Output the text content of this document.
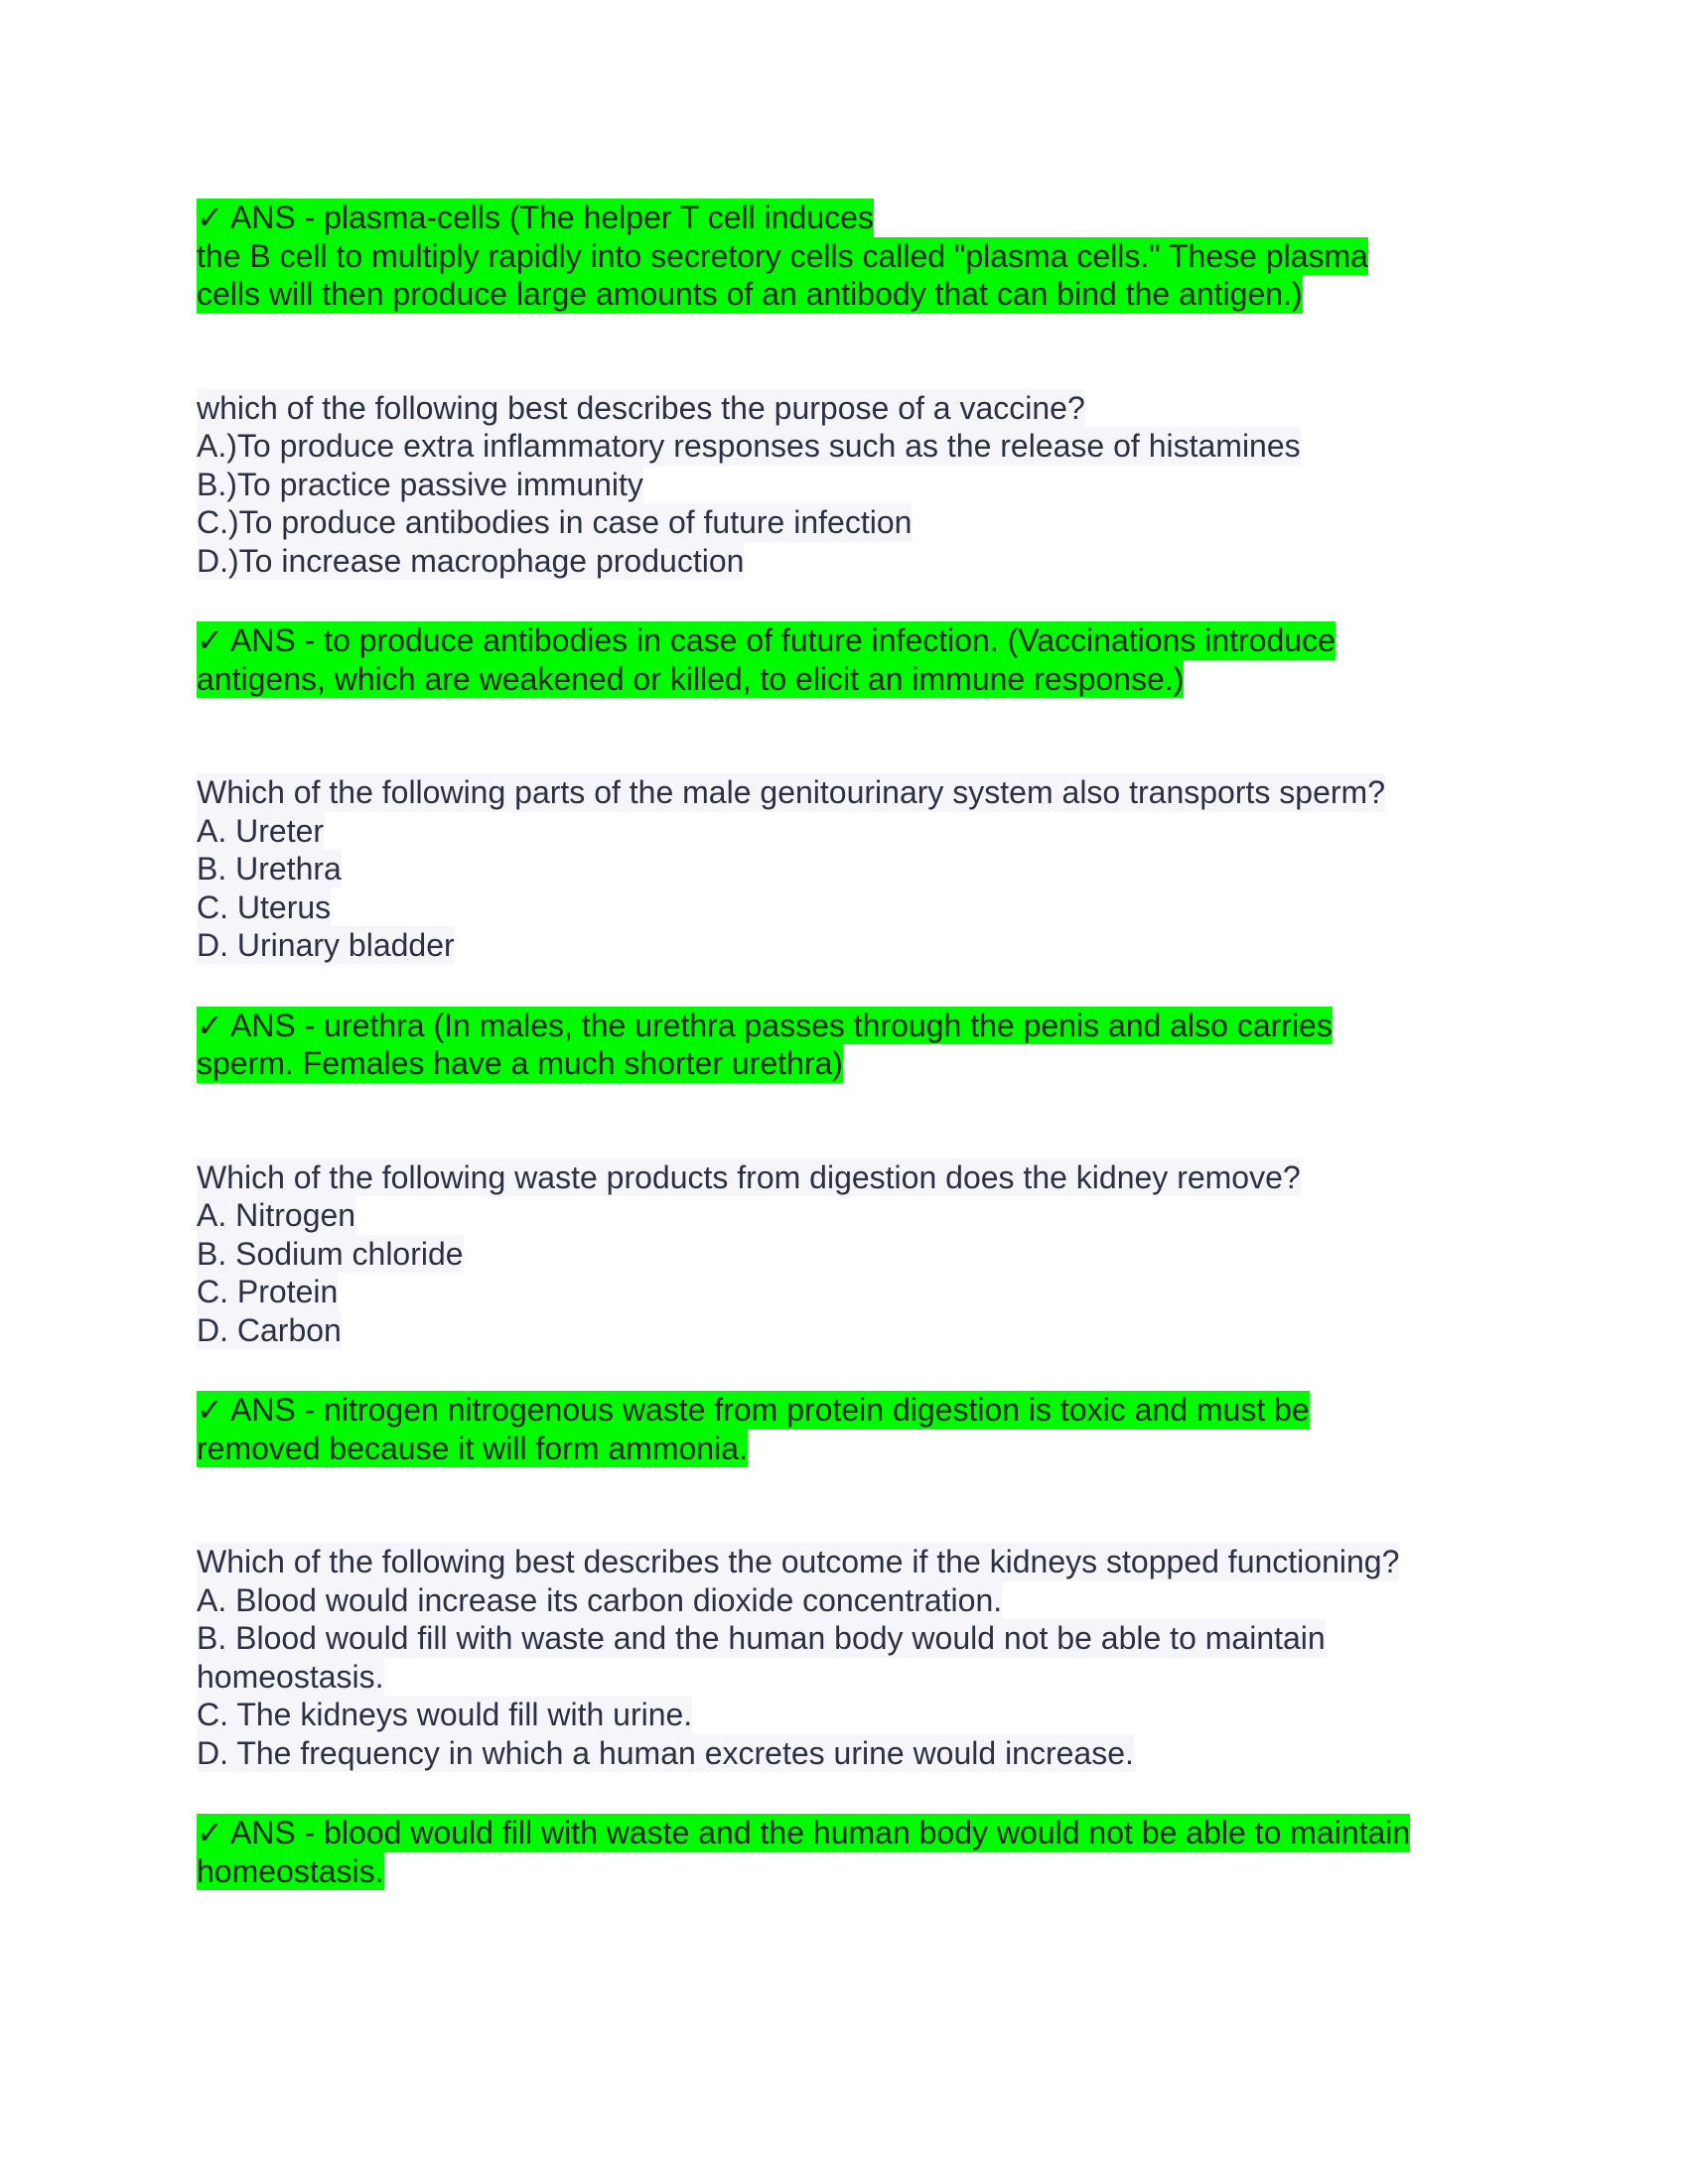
✓ ANS - plasma-cells (The helper T cell induces
the B cell to multiply rapidly into secretory cells called "plasma cells." These plasma
cells will then produce large amounts of an antibody that can bind the antigen.)
which of the following best describes the purpose of a vaccine?
A.)To produce extra inflammatory responses such as the release of histamines
B.)To practice passive immunity
C.)To produce antibodies in case of future infection
D.)To increase macrophage production
✓ ANS - to produce antibodies in case of future infection. (Vaccinations introduce
antigens, which are weakened or killed, to elicit an immune response.)
Which of the following parts of the male genitourinary system also transports sperm?
A. Ureter
B. Urethra
C. Uterus
D. Urinary bladder
✓ ANS - urethra (In males, the urethra passes through the penis and also carries
sperm. Females have a much shorter urethra)
Which of the following waste products from digestion does the kidney remove?
A. Nitrogen
B. Sodium chloride
C. Protein
D. Carbon
✓ ANS - nitrogen nitrogenous waste from protein digestion is toxic and must be
removed because it will form ammonia.
Which of the following best describes the outcome if the kidneys stopped functioning?
A. Blood would increase its carbon dioxide concentration.
B. Blood would fill with waste and the human body would not be able to maintain
homeostasis.
C. The kidneys would fill with urine.
D. The frequency in which a human excretes urine would increase.
✓ ANS - blood would fill with waste and the human body would not be able to maintain
homeostasis.
